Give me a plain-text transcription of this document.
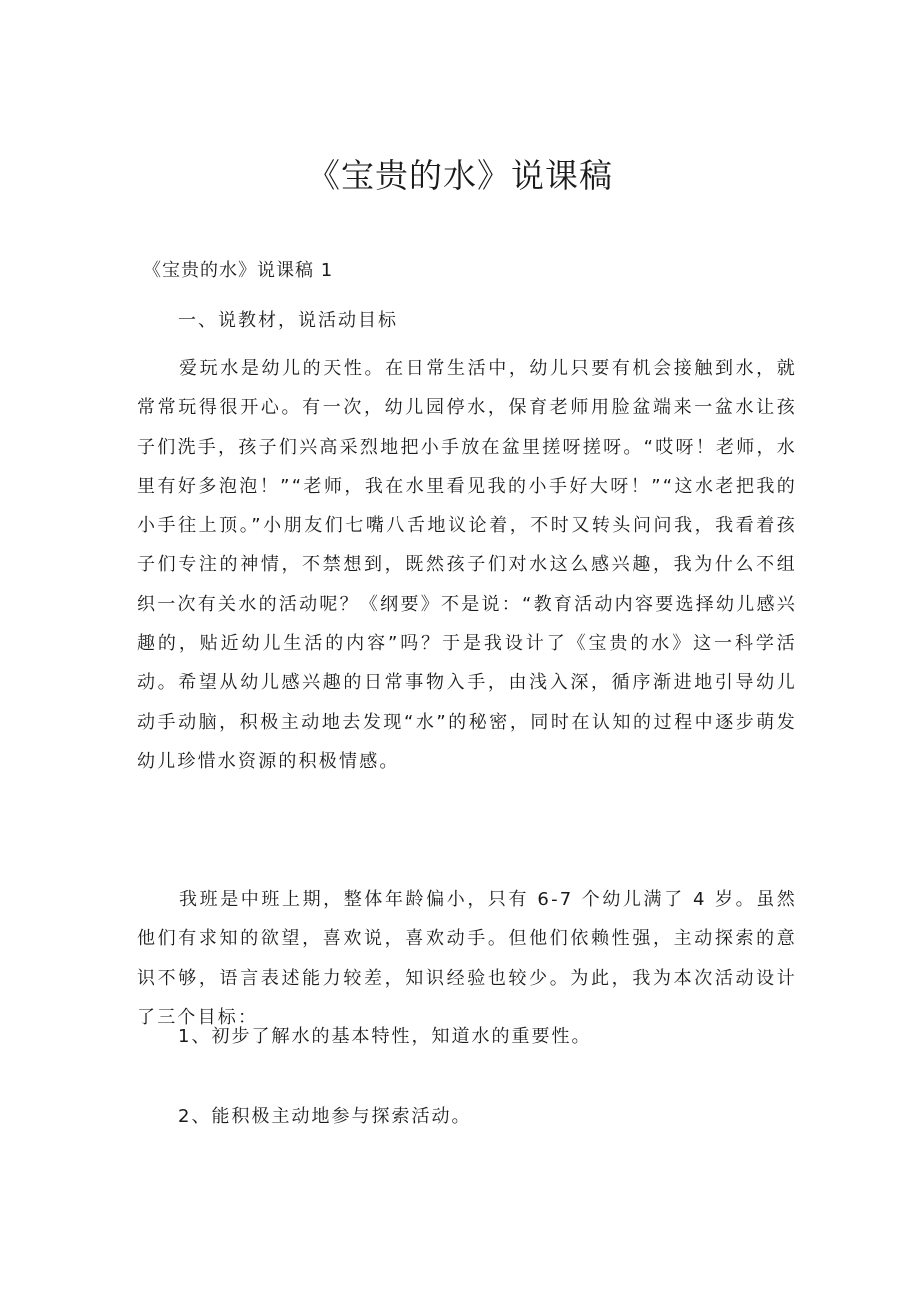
《宝贵的水》说课稿
《宝贵的水》说课稿 1
一、说教材，说活动目标

爱玩水是幼儿的天性。在日常生活中，幼儿只要有机会接触到水，就常常玩得很开心。有一次，幼儿园停水，保育老师用脸盆端来一盆水让孩子们洗手，孩子们兴高采烈地把小手放在盆里搓呀搓呀。“哎呀！老师，水里有好多泡泡！”“老师，我在水里看见我的小手好大呀！”“这水老把我的小手往上顶。”小朋友们七嘴八舌地议论着，不时又转头问问我，我看着孩子们专注的神情，不禁想到，既然孩子们对水这么感兴趣，我为什么不组织一次有关水的活动呢？《纲要》不是说：“教育活动内容要选择幼儿感兴趣的，贴近幼儿生活的内容”吗？于是我设计了《宝贵的水》这一科学活动。希望从幼儿感兴趣的日常事物入手，由浅入深，循序渐进地引导幼儿动手动脑，积极主动地去发现“水”的秘密，同时在认知的过程中逐步萌发幼儿珍惜水资源的积极情感。

我班是中班上期，整体年龄偏小，只有 6-7 个幼儿满了 4 岁。虽然他们有求知的欲望，喜欢说，喜欢动手。但他们依赖性强，主动探索的意识不够，语言表述能力较差，知识经验也较少。为此，我为本次活动设计了三个目标：

1、初步了解水的基本特性，知道水的重要性。
2、能积极主动地参与探索活动。
